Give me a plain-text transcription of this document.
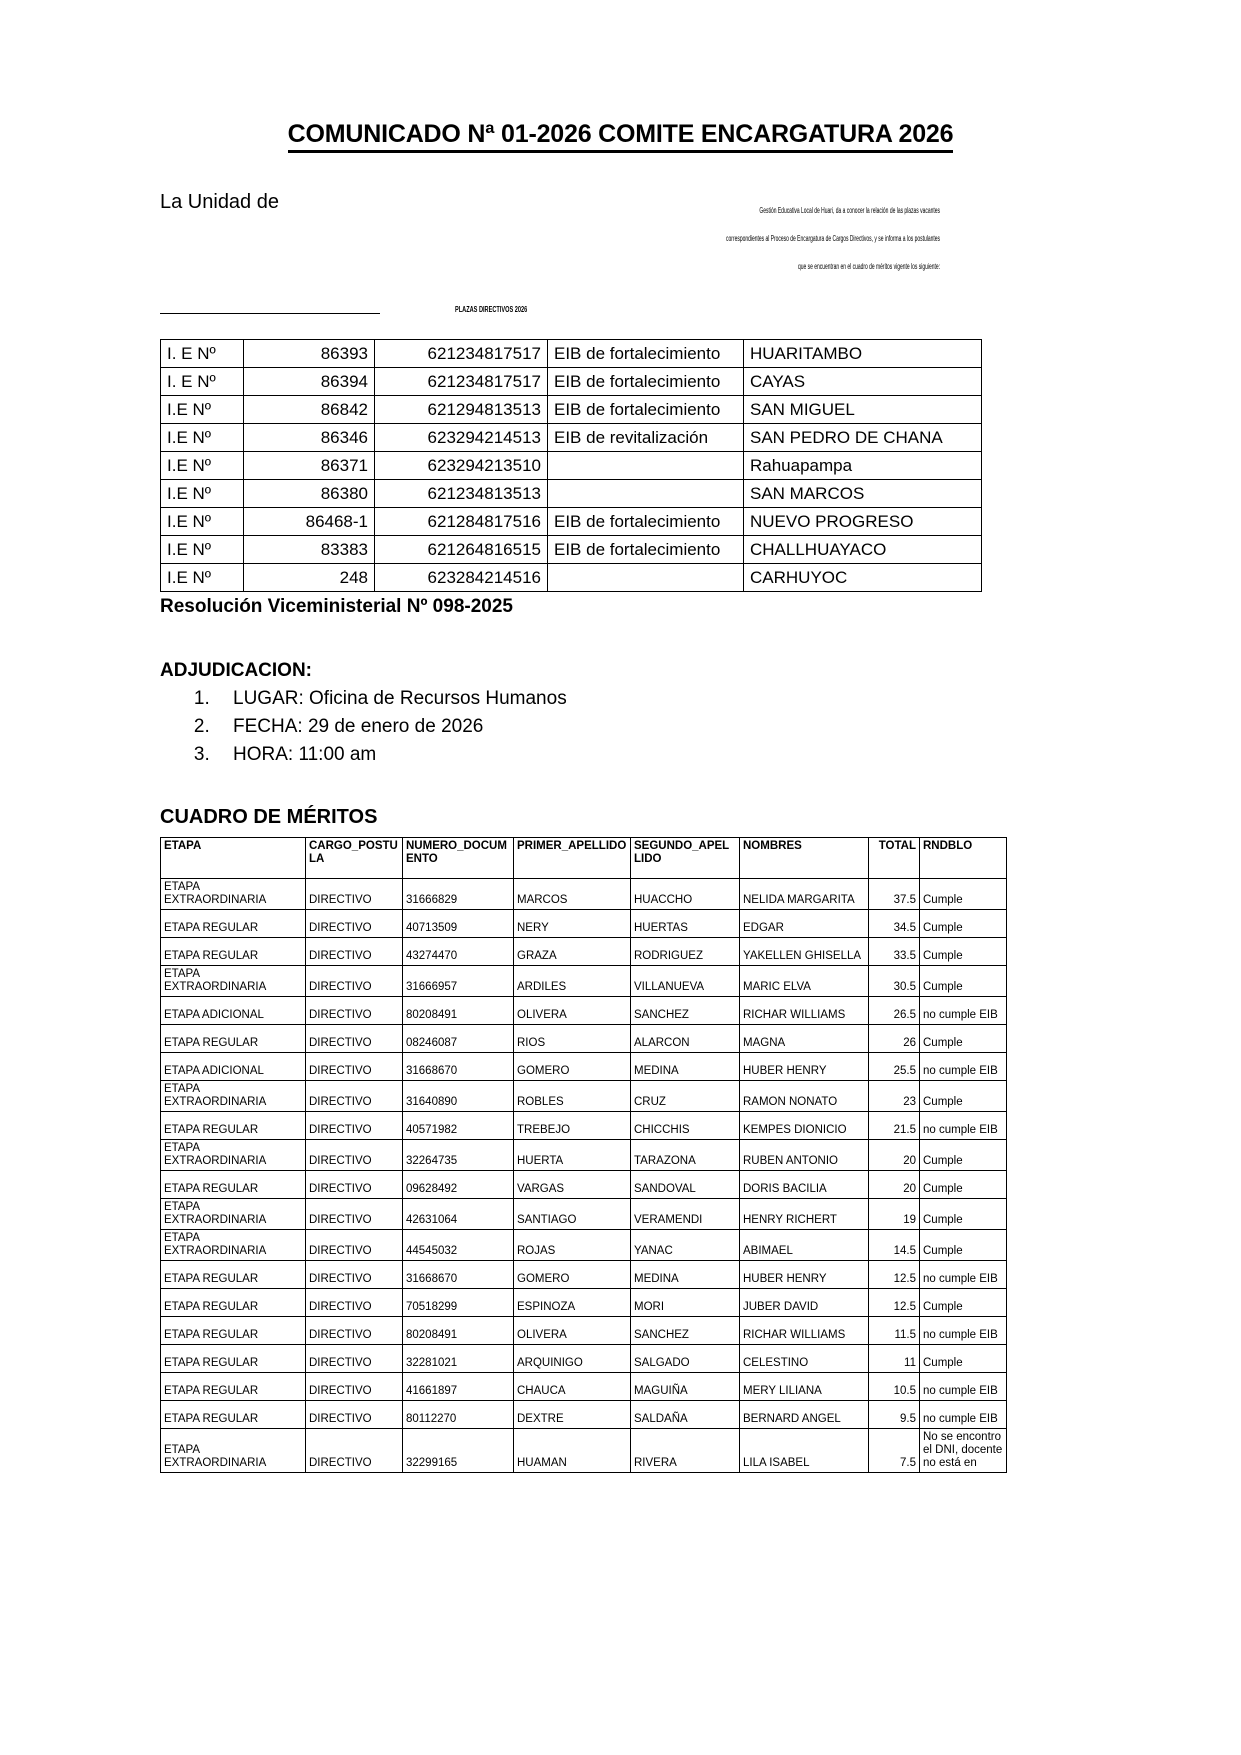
COMUNICADO Nª 01-2026 COMITE ENCARGATURA 2026
La Unidad de	Gestión Educativa Local de Huari, da a conocer la relación de las plazas vacantes
correspondientes al Proceso de Encargatura de Cargos Directivos, y se informa a los postulantes
que se encuentran en el cuadro de méritos vigente los siguiente:
PLAZAS DIRECTIVOS 2026
I. E Nº	86393	621234817517	EIB de fortalecimiento	HUARITAMBO
I. E Nº	86394	621234817517	EIB de fortalecimiento	CAYAS
I.E Nº	86842	621294813513	EIB de fortalecimiento	SAN MIGUEL
I.E Nº	86346	623294214513	EIB de revitalización	SAN PEDRO DE CHANA
I.E Nº	86371	623294213510		Rahuapampa
I.E Nº	86380	621234813513		SAN MARCOS
I.E Nº	86468-1	621284817516	EIB de fortalecimiento	NUEVO PROGRESO
I.E Nº	83383	621264816515	EIB de fortalecimiento	CHALLHUAYACO
I.E Nº	248	623284214516		CARHUYOC
Resolución Viceministerial Nº 098-2025
ADJUDICACION:
1. LUGAR: Oficina de Recursos Humanos
2. FECHA: 29 de enero de 2026
3. HORA: 11:00 am
CUADRO DE MÉRITOS
ETAPA	CARGO_POSTULA	NUMERO_DOCUMENTO	PRIMER_APELLIDO	SEGUNDO_APELLIDO	NOMBRES	TOTAL	RNDBLO
ETAPA EXTRAORDINARIA	DIRECTIVO	31666829	MARCOS	HUACCHO	NELIDA MARGARITA	37.5	Cumple
ETAPA REGULAR	DIRECTIVO	40713509	NERY	HUERTAS	EDGAR	34.5	Cumple
ETAPA REGULAR	DIRECTIVO	43274470	GRAZA	RODRIGUEZ	YAKELLEN GHISELLA	33.5	Cumple
ETAPA EXTRAORDINARIA	DIRECTIVO	31666957	ARDILES	VILLANUEVA	MARIC ELVA	30.5	Cumple
ETAPA ADICIONAL	DIRECTIVO	80208491	OLIVERA	SANCHEZ	RICHAR WILLIAMS	26.5	no cumple EIB
ETAPA REGULAR	DIRECTIVO	08246087	RIOS	ALARCON	MAGNA	26	Cumple
ETAPA ADICIONAL	DIRECTIVO	31668670	GOMERO	MEDINA	HUBER HENRY	25.5	no cumple EIB
ETAPA EXTRAORDINARIA	DIRECTIVO	31640890	ROBLES	CRUZ	RAMON NONATO	23	Cumple
ETAPA REGULAR	DIRECTIVO	40571982	TREBEJO	CHICCHIS	KEMPES DIONICIO	21.5	no cumple EIB
ETAPA EXTRAORDINARIA	DIRECTIVO	32264735	HUERTA	TARAZONA	RUBEN ANTONIO	20	Cumple
ETAPA REGULAR	DIRECTIVO	09628492	VARGAS	SANDOVAL	DORIS BACILIA	20	Cumple
ETAPA EXTRAORDINARIA	DIRECTIVO	42631064	SANTIAGO	VERAMENDI	HENRY RICHERT	19	Cumple
ETAPA EXTRAORDINARIA	DIRECTIVO	44545032	ROJAS	YANAC	ABIMAEL	14.5	Cumple
ETAPA REGULAR	DIRECTIVO	31668670	GOMERO	MEDINA	HUBER HENRY	12.5	no cumple EIB
ETAPA REGULAR	DIRECTIVO	70518299	ESPINOZA	MORI	JUBER DAVID	12.5	Cumple
ETAPA REGULAR	DIRECTIVO	80208491	OLIVERA	SANCHEZ	RICHAR WILLIAMS	11.5	no cumple EIB
ETAPA REGULAR	DIRECTIVO	32281021	ARQUINIGO	SALGADO	CELESTINO	11	Cumple
ETAPA REGULAR	DIRECTIVO	41661897	CHAUCA	MAGUIÑA	MERY LILIANA	10.5	no cumple EIB
ETAPA REGULAR	DIRECTIVO	80112270	DEXTRE	SALDAÑA	BERNARD ANGEL	9.5	no cumple EIB
ETAPA EXTRAORDINARIA	DIRECTIVO	32299165	HUAMAN	RIVERA	LILA ISABEL	7.5	No se encontro el DNI, docente no está en
